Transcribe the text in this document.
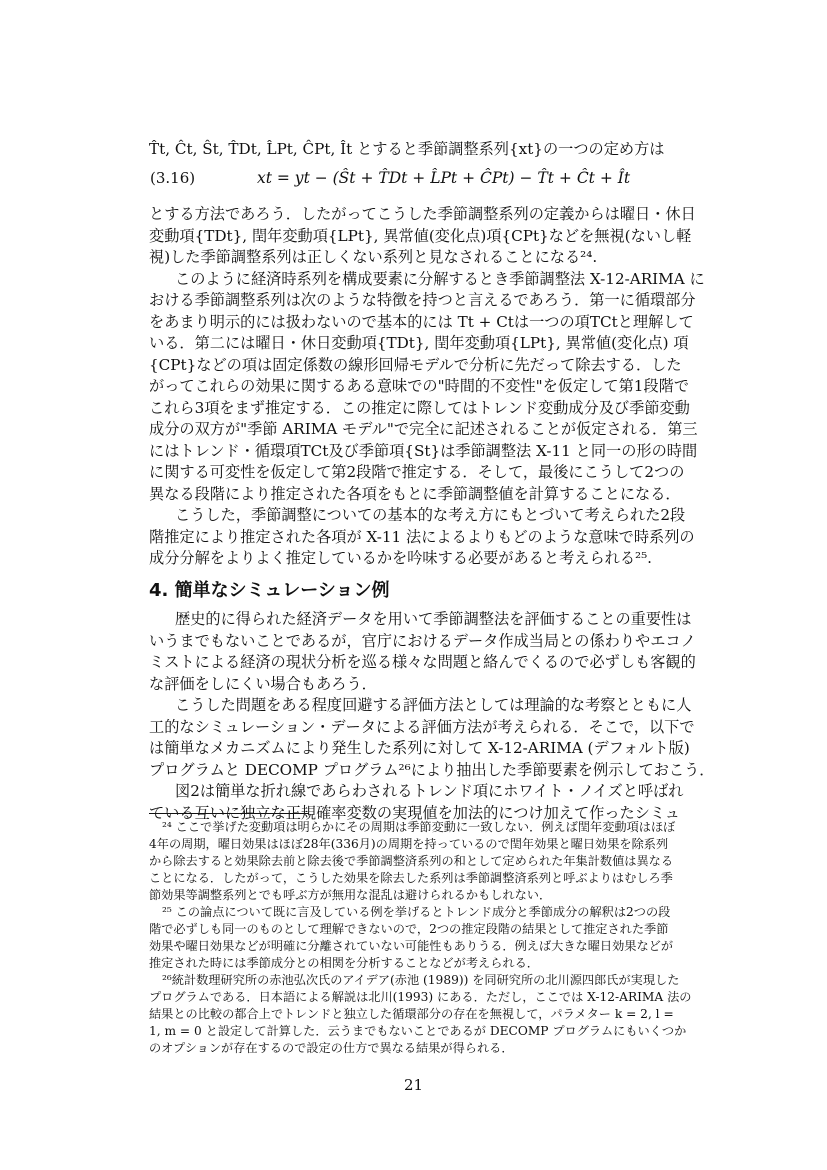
T̂t, Ĉt, Ŝt, T̂Dt, L̂Pt, ĈPt, Ît とすると季節調整系列{xt}の一つの定め方は
(3.16)	xt = yt − (Ŝt + T̂Dt + L̂Pt + ĈPt) − T̂t + Ĉt + Ît
とする方法であろう．したがってこうした季節調整系列の定義からは曜日・休日
変動項{TDt}, 閏年変動項{LPt}, 異常値(変化点)項{CPt}などを無視(ないし軽
視)した季節調整系列は正しくない系列と見なされることになる²⁴.
このように経済時系列を構成要素に分解するとき季節調整法 X-12-ARIMA に
おける季節調整系列は次のような特徴を持つと言えるであろう．第一に循環部分
をあまり明示的には扱わないので基本的には Tt + Ctは一つの項TCtと理解して
いる．第二には曜日・休日変動項{TDt}, 閏年変動項{LPt}, 異常値(変化点) 項
{CPt}などの項は固定係数の線形回帰モデルで分析に先だって除去する．した
がってこれらの効果に関するある意味での"時間的不変性"を仮定して第1段階で
これら3項をまず推定する．この推定に際してはトレンド変動成分及び季節変動
成分の双方が"季節 ARIMA モデル"で完全に記述されることが仮定される．第三
にはトレンド・循環項TCt及び季節項{St}は季節調整法 X-11 と同一の形の時間
に関する可変性を仮定して第2段階で推定する．そして，最後にこうして2つの
異なる段階により推定された各項をもとに季節調整値を計算することになる．
こうした，季節調整についての基本的な考え方にもとづいて考えられた2段
階推定により推定された各項が X-11 法によるよりもどのような意味で時系列の
成分分解をよりよく推定しているかを吟味する必要があると考えられる²⁵.
4. 簡単なシミュレーション例
歴史的に得られた経済データを用いて季節調整法を評価することの重要性は
いうまでもないことであるが，官庁におけるデータ作成当局との係わりやエコノ
ミストによる経済の現状分析を巡る様々な問題と絡んでくるので必ずしも客観的
な評価をしにくい場合もあろう．
こうした問題をある程度回避する評価方法としては理論的な考察とともに人
工的なシミュレーション・データによる評価方法が考えられる．そこで，以下で
は簡単なメカニズムにより発生した系列に対して X-12-ARIMA (デフォルト版)
プログラムと DECOMP プログラム²⁶により抽出した季節要素を例示しておこう．
図2は簡単な折れ線であらわされるトレンド項にホワイト・ノイズと呼ばれ
ている互いに独立な正規確率変数の実現値を加法的につけ加えて作ったシミュ
²⁴ ここで挙げた変動項は明らかにその周期は季節変動に一致しない．例えば閏年変動項はほぼ
4年の周期，曜日効果はほぼ28年(336月)の周期を持っているので閏年効果と曜日効果を除系列
から除去すると効果除去前と除去後で季節調整済系列の和として定められた年集計数値は異なる
ことになる．したがって，こうした効果を除去した系列は季節調整済系列と呼ぶよりはむしろ季
節効果等調整系列とでも呼ぶ方が無用な混乱は避けられるかもしれない．
²⁵ この論点について既に言及している例を挙げるとトレンド成分と季節成分の解釈は2つの段
階で必ずしも同一のものとして理解できないので，2つの推定段階の結果として推定された季節
効果や曜日効果などが明確に分離されていない可能性もありうる．例えば大きな曜日効果などが
推定された時には季節成分との相関を分析することなどが考えられる．
²⁶統計数理研究所の赤池弘次氏のアイデア(赤池 (1989)) を同研究所の北川源四郎氏が実現した
プログラムである．日本語による解説は北川(1993) にある．ただし，ここでは X-12-ARIMA 法の
結果との比較の都合上でトレンドと独立した循環部分の存在を無視して，パラメター k = 2, l =
1, m = 0 と設定して計算した．云うまでもないことであるが DECOMP プログラムにもいくつか
のオプションが存在するので設定の仕方で異なる結果が得られる．
21
